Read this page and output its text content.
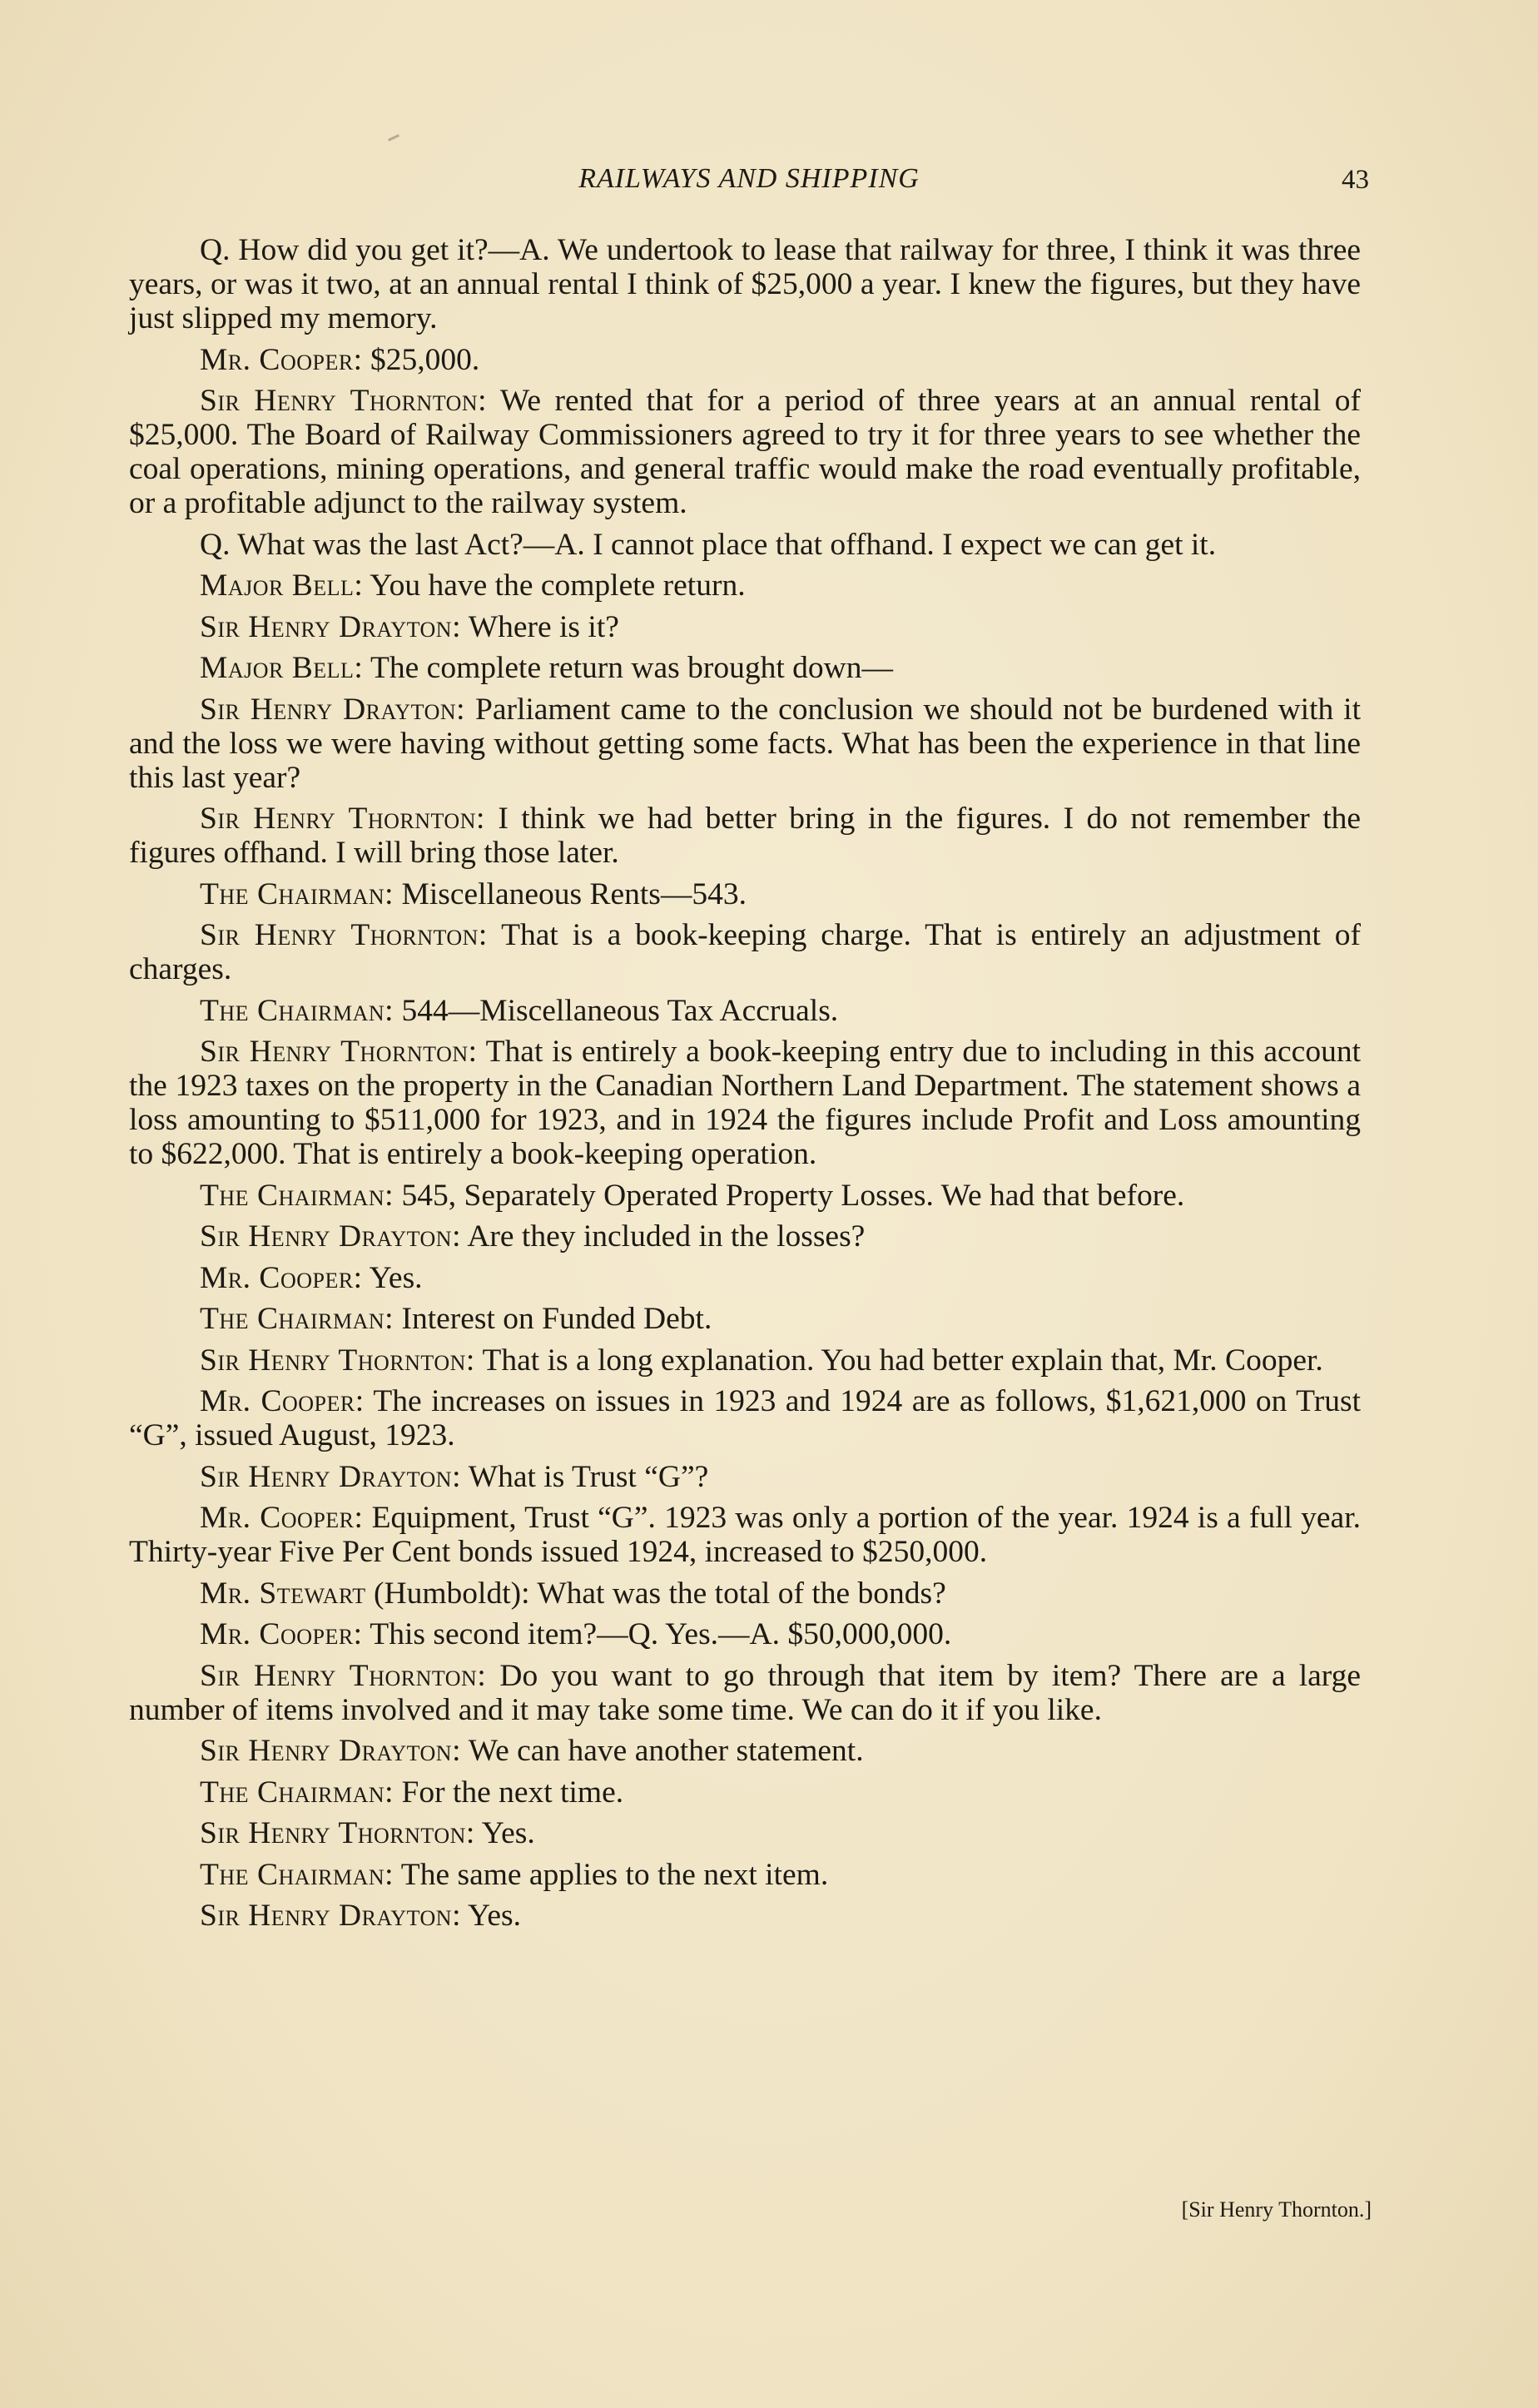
RAILWAYS AND SHIPPING	43

Q. How did you get it?—A. We undertook to lease that railway for three, I think it was three years, or was it two, at an annual rental I think of $25,000 a year. I knew the figures, but they have just slipped my memory.

Mr. Cooper: $25,000.

Sir Henry Thornton: We rented that for a period of three years at an annual rental of $25,000. The Board of Railway Commissioners agreed to try it for three years to see whether the coal operations, mining operations, and general traffic would make the road eventually profitable, or a profitable adjunct to the railway system.

Q. What was the last Act?—A. I cannot place that offhand. I expect we can get it.

Major Bell: You have the complete return.

Sir Henry Drayton: Where is it?

Major Bell: The complete return was brought down—

Sir Henry Drayton: Parliament came to the conclusion we should not be burdened with it and the loss we were having without getting some facts. What has been the experience in that line this last year?

Sir Henry Thornton: I think we had better bring in the figures. I do not remember the figures offhand. I will bring those later.

The Chairman: Miscellaneous Rents—543.

Sir Henry Thornton: That is a book-keeping charge. That is entirely an adjustment of charges.

The Chairman: 544—Miscellaneous Tax Accruals.

Sir Henry Thornton: That is entirely a book-keeping entry due to including in this account the 1923 taxes on the property in the Canadian Northern Land Department. The statement shows a loss amounting to $511,000 for 1923, and in 1924 the figures include Profit and Loss amounting to $622,000. That is entirely a book-keeping operation.

The Chairman: 545, Separately Operated Property Losses. We had that before.

Sir Henry Drayton: Are they included in the losses?

Mr. Cooper: Yes.

The Chairman: Interest on Funded Debt.

Sir Henry Thornton: That is a long explanation. You had better explain that, Mr. Cooper.

Mr. Cooper: The increases on issues in 1923 and 1924 are as follows, $1,621,000 on Trust “G”, issued August, 1923.

Sir Henry Drayton: What is Trust “G”?

Mr. Cooper: Equipment, Trust “G”. 1923 was only a portion of the year. 1924 is a full year. Thirty-year Five Per Cent bonds issued 1924, increased to $250,000.

Mr. Stewart (Humboldt): What was the total of the bonds?

Mr. Cooper: This second item?—Q. Yes.—A. $50,000,000.

Sir Henry Thornton: Do you want to go through that item by item? There are a large number of items involved and it may take some time. We can do it if you like.

Sir Henry Drayton: We can have another statement.

The Chairman: For the next time.

Sir Henry Thornton: Yes.

The Chairman: The same applies to the next item.

Sir Henry Drayton: Yes.

[Sir Henry Thornton.]
